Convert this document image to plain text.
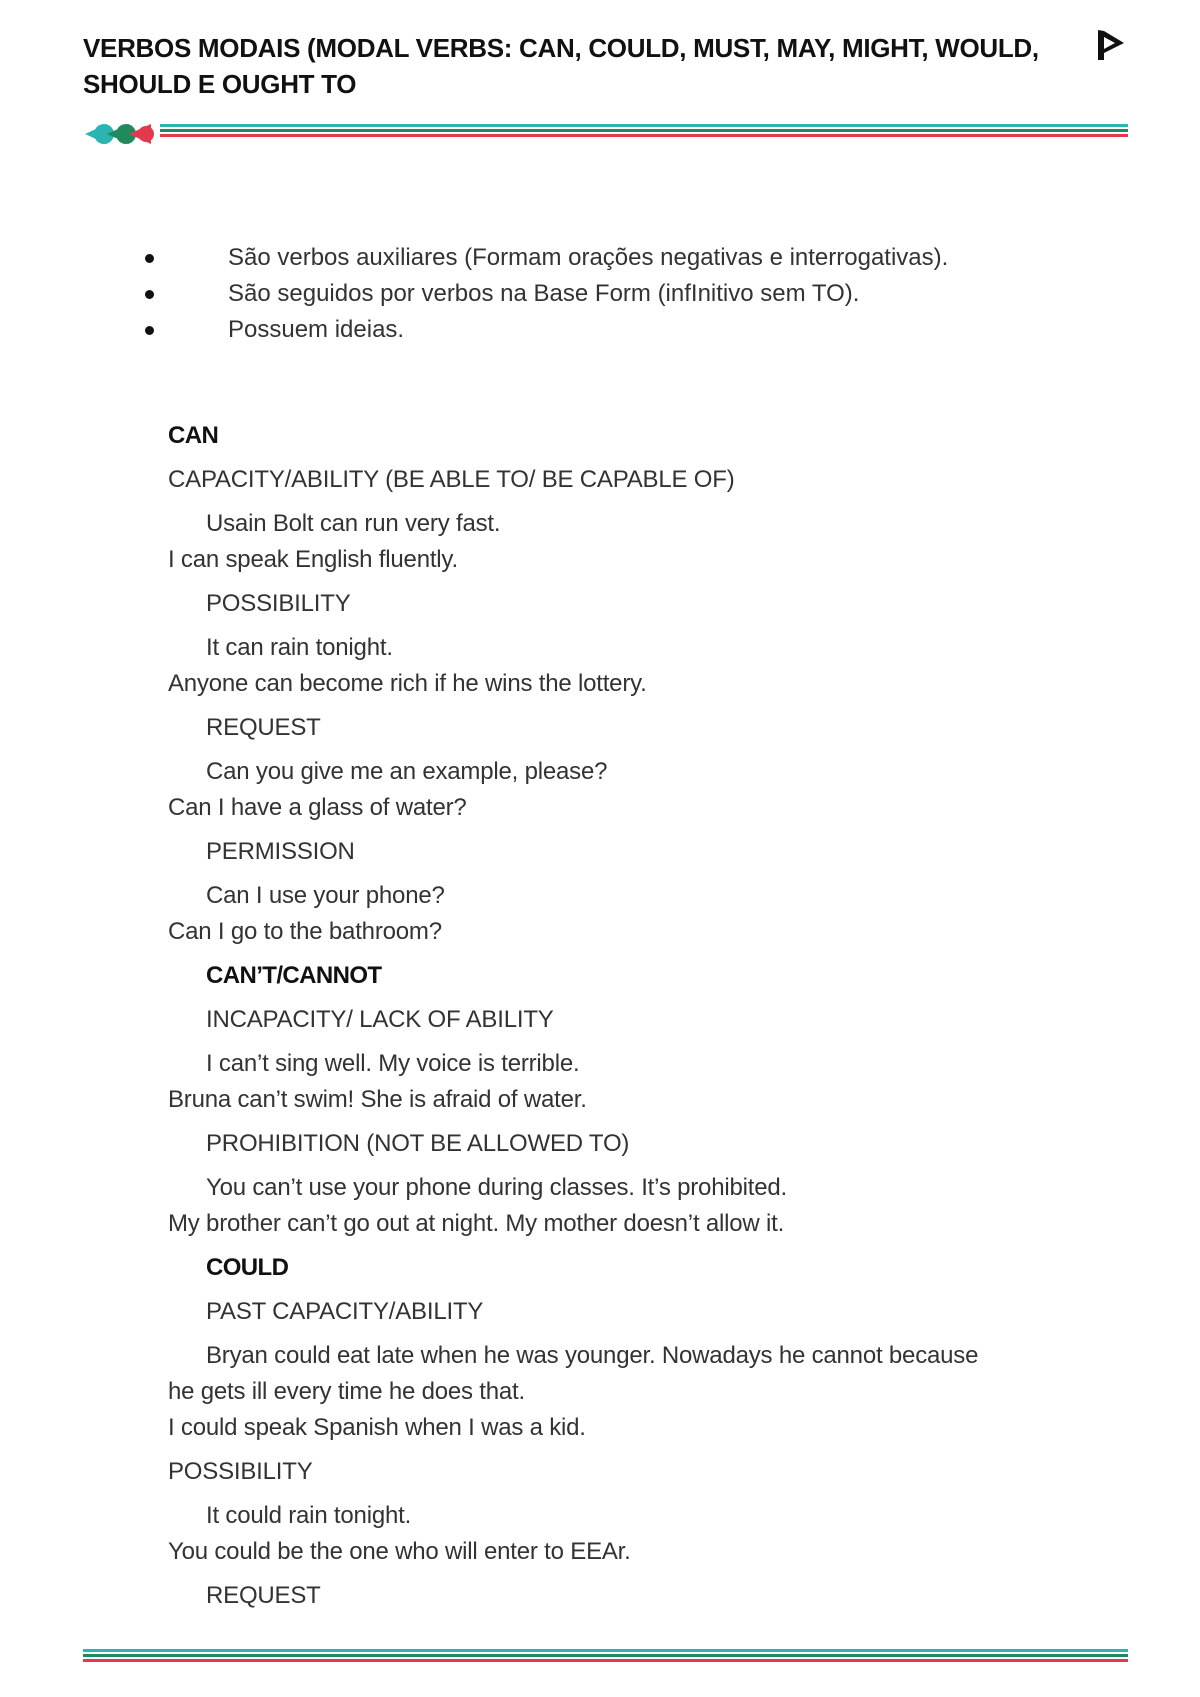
VERBOS MODAIS (MODAL VERBS: CAN, COULD, MUST, MAY, MIGHT, WOULD, SHOULD E OUGHT TO
São verbos auxiliares (Formam orações negativas e interrogativas).
São seguidos por verbos na Base Form (infInitivo sem TO).
Possuem ideias.
CAN
CAPACITY/ABILITY (BE ABLE TO/ BE CAPABLE OF)
Usain Bolt can run very fast.
I can speak English fluently.
POSSIBILITY
It can rain tonight.
Anyone can become rich if he wins the lottery.
REQUEST
Can you give me an example, please?
Can I have a glass of water?
PERMISSION
Can I use your phone?
Can I go to the bathroom?
CAN’T/CANNOT
INCAPACITY/ LACK OF ABILITY
I can’t sing well. My voice is terrible.
Bruna can’t swim! She is afraid of water.
PROHIBITION (NOT BE ALLOWED TO)
You can’t use your phone during classes. It’s prohibited.
My brother can’t go out at night. My mother doesn’t allow it.
COULD
PAST CAPACITY/ABILITY
Bryan could eat late when he was younger. Nowadays he cannot because
he gets ill every time he does that.
I could speak Spanish when I was a kid.
POSSIBILITY
It could rain tonight.
You could be the one who will enter to EEAr.
REQUEST
